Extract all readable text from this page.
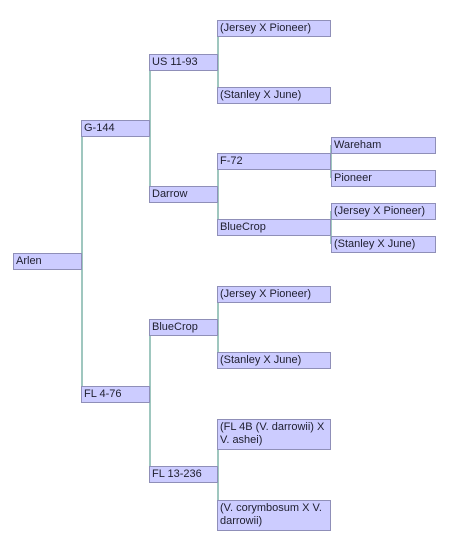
Arlen
G-144
FL 4-76
US 11-93
Darrow
BlueCrop
FL 13-236
(Jersey X Pioneer)
(Stanley X June)
F-72
BlueCrop
(Jersey X Pioneer)
(Stanley X June)
(FL 4B (V. darrowii) X V. ashei)
(V. corymbosum X V. darrowii)
Wareham
Pioneer
(Jersey X Pioneer)
(Stanley X June)
